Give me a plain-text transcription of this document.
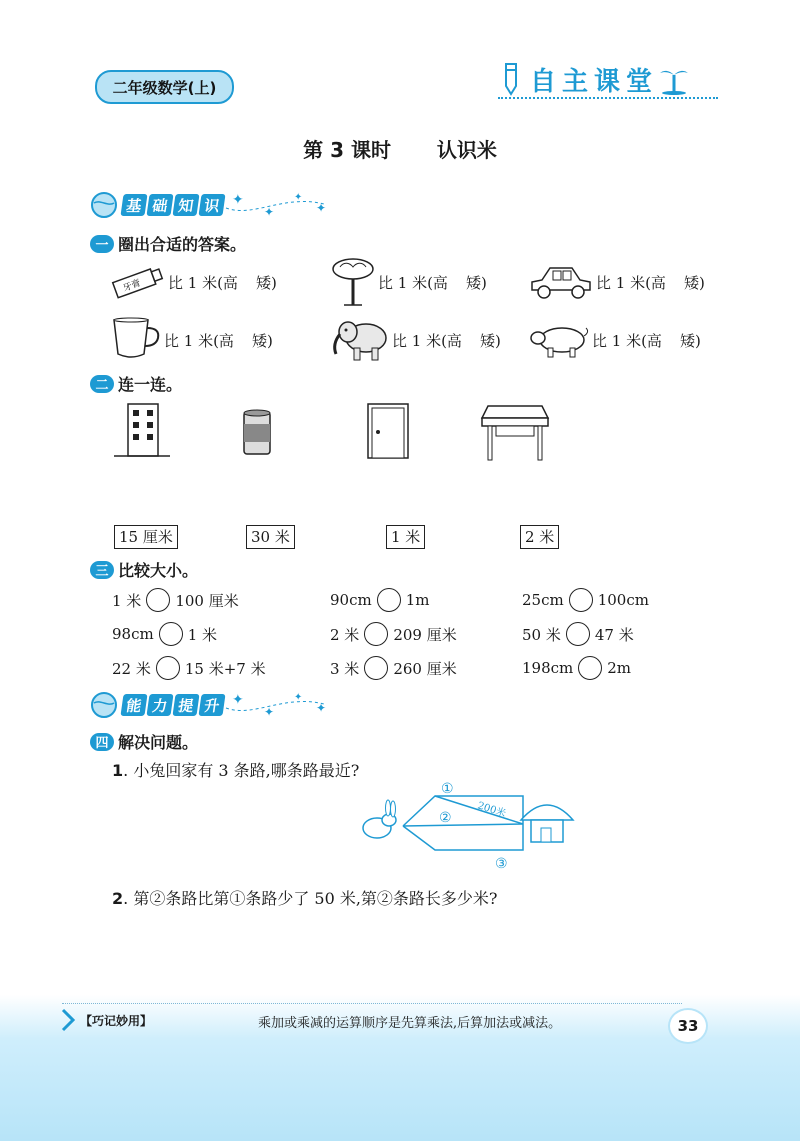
二年级数学(上)	自主课堂
第 3 课时 认识米
基 础 知 识 ✦
✦
✦
✦
一 圈出合适的答案。
牙膏 比 1 米(高 矮)	比 1 米(高 矮)	比 1 米(高 矮)
比 1 米(高 矮)	比 1 米(高 矮)	比 1 米(高 矮)
二 连一连。
15 厘米	30 米	1 米	2 米
三 比较大小。
1 米 100 厘米	90cm 1m	25cm 100cm
98cm 1 米	2 米 209 厘米	50 米 47 米
22 米 15 米+7 米	3 米 260 厘米	198cm 2m
能 力 提 升 ✦
✦
✦
✦
四 解决问题。
1. 小兔回家有 3 条路,哪条路最近?
①
②
③
200米
2. 第②条路比第①条路少了 50 米,第②条路长多少米?
【巧记妙用】	乘加或乘减的运算顺序是先算乘法,后算加法或减法。	33
